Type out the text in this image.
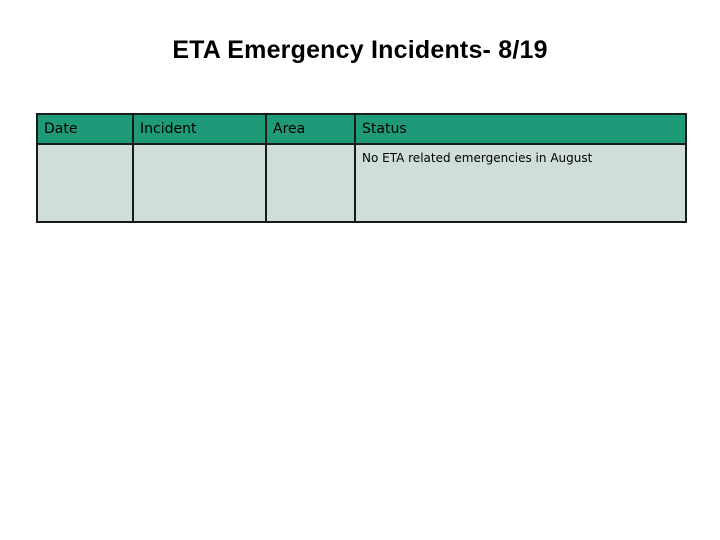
ETA Emergency Incidents- 8/19
Date	Incident	Area	Status
			No ETA related emergencies in August
